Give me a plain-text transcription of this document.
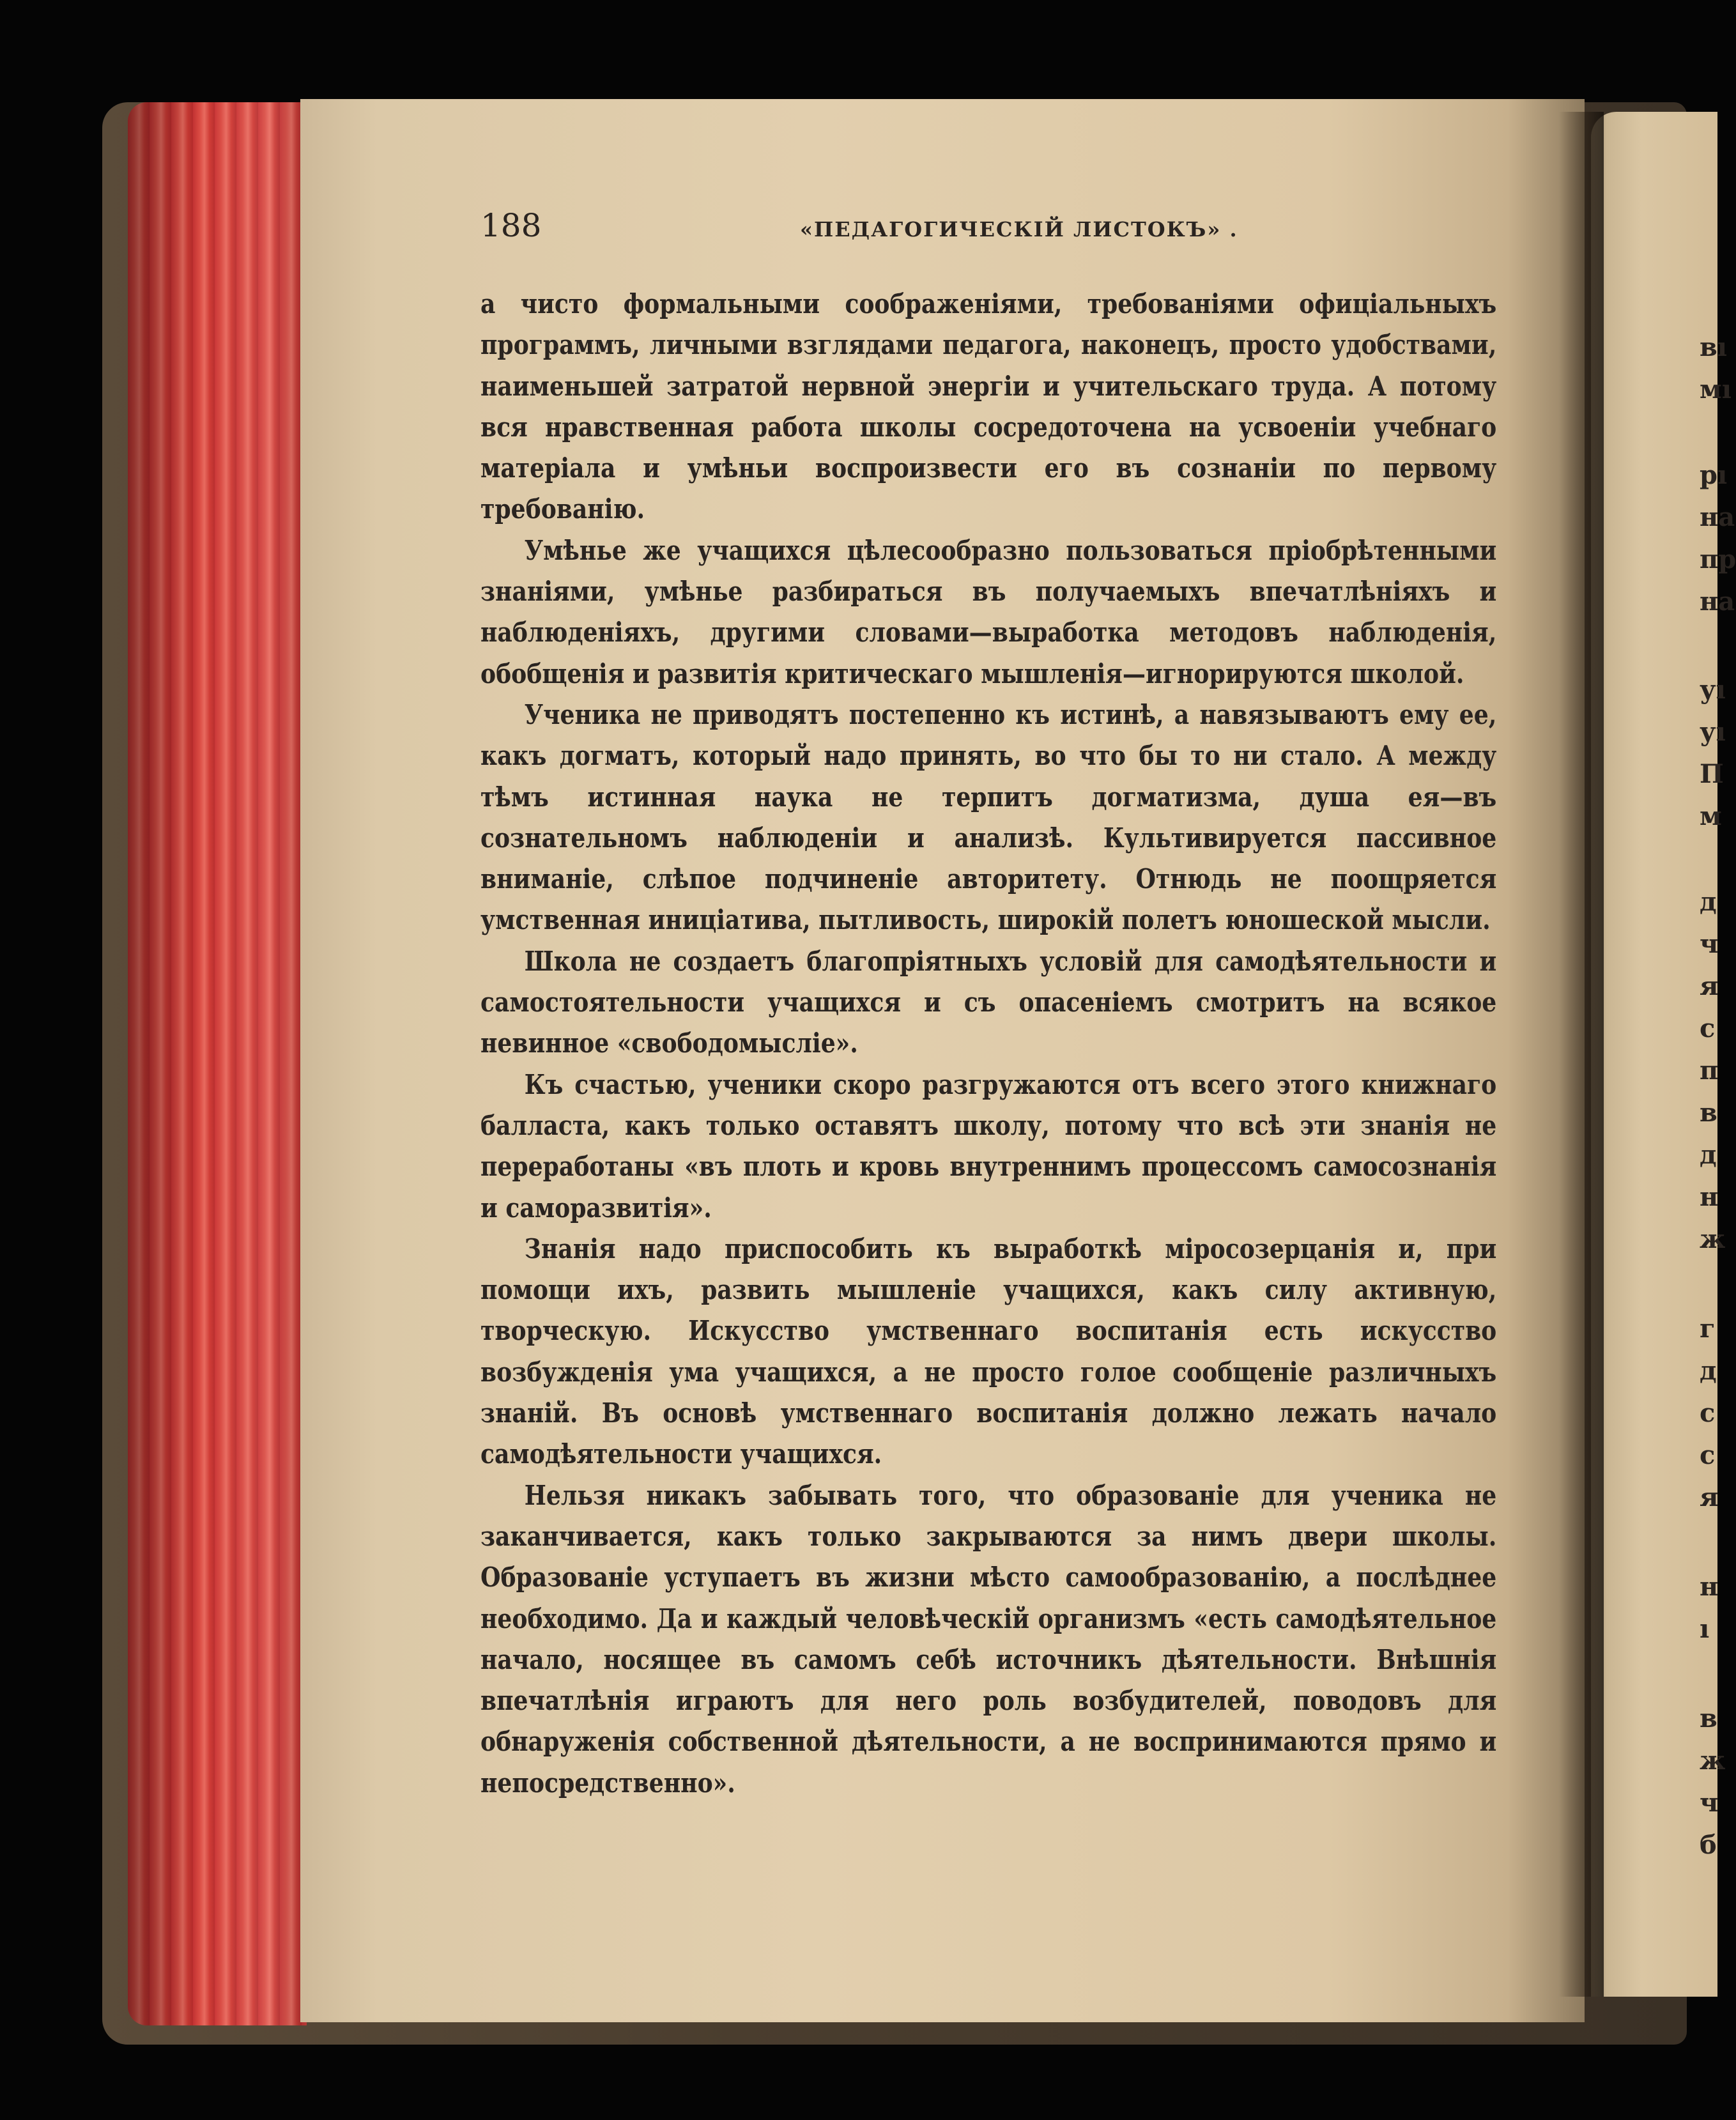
188	«ПЕДАГОГИЧЕСКІЙ ЛИСТОКЪ» .

а чисто формальными соображеніями, требованіями офиціальныхъ программъ, личными взглядами педагога, наконецъ, просто удобствами, наименьшей затратой нервной энергіи и учительскаго труда. А потому вся нравственная работа школы сосредоточена на усвоеніи учебнаго матеріала и умѣньи воспроизвести его въ сознаніи по первому требованію.

Умѣнье же учащихся цѣлесообразно пользоваться пріобрѣтенными знаніями, умѣнье разбираться въ получаемыхъ впечатлѣніяхъ и наблюденіяхъ, другими словами—выработка методовъ наблюденія, обобщенія и развитія критическаго мышленія—игнорируются школой.

Ученика не приводятъ постепенно къ истинѣ, а навязываютъ ему ее, какъ догматъ, который надо принять, во что бы то ни стало. А между тѣмъ истинная наука не терпитъ догматизма, душа ея—въ сознательномъ наблюденіи и анализѣ. Культивируется пассивное вниманіе, слѣпое подчиненіе авторитету. Отнюдь не поощряется умственная иниціатива, пытливость, широкій полетъ юношеской мысли.

Школа не создаетъ благопріятныхъ условій для самодѣятельности и самостоятельности учащихся и съ опасеніемъ смотритъ на всякое невинное «свободомысліе».

Къ счастью, ученики скоро разгружаются отъ всего этого книжнаго балласта, какъ только оставятъ школу, потому что всѣ эти знанія не переработаны «въ плоть и кровь внутреннимъ процессомъ самосознанія и саморазвитія».

Знанія надо приспособить къ выработкѣ міросозерцанія и, при помощи ихъ, развить мышленіе учащихся, какъ силу активную, творческую. Искусство умственнаго воспитанія есть искусство возбужденія ума учащихся, а не просто голое сообщеніе различныхъ знаній. Въ основѣ умственнаго воспитанія должно лежать начало самодѣятельности учащихся.

Нельзя никакъ забывать того, что образованіе для ученика не заканчивается, какъ только закрываются за нимъ двери школы. Образованіе уступаетъ въ жизни мѣсто самообразованію, а послѣднее необходимо. Да и каждый человѣческій организмъ «есть самодѣятельное начало, носящее въ самомъ себѣ источникъ дѣятельности. Внѣшнія впечатлѣнія играютъ для него роль возбудителей, поводовъ для обнаруженія собственной дѣятельности, а не воспринимаются прямо и непосредственно».

вı
мı
рı
на
пр
на
уı
уı
П
м
д
ч
я
с
п
в
д
н
ж
г
д
с
с
я
н
ı
в
ж
ч
б
